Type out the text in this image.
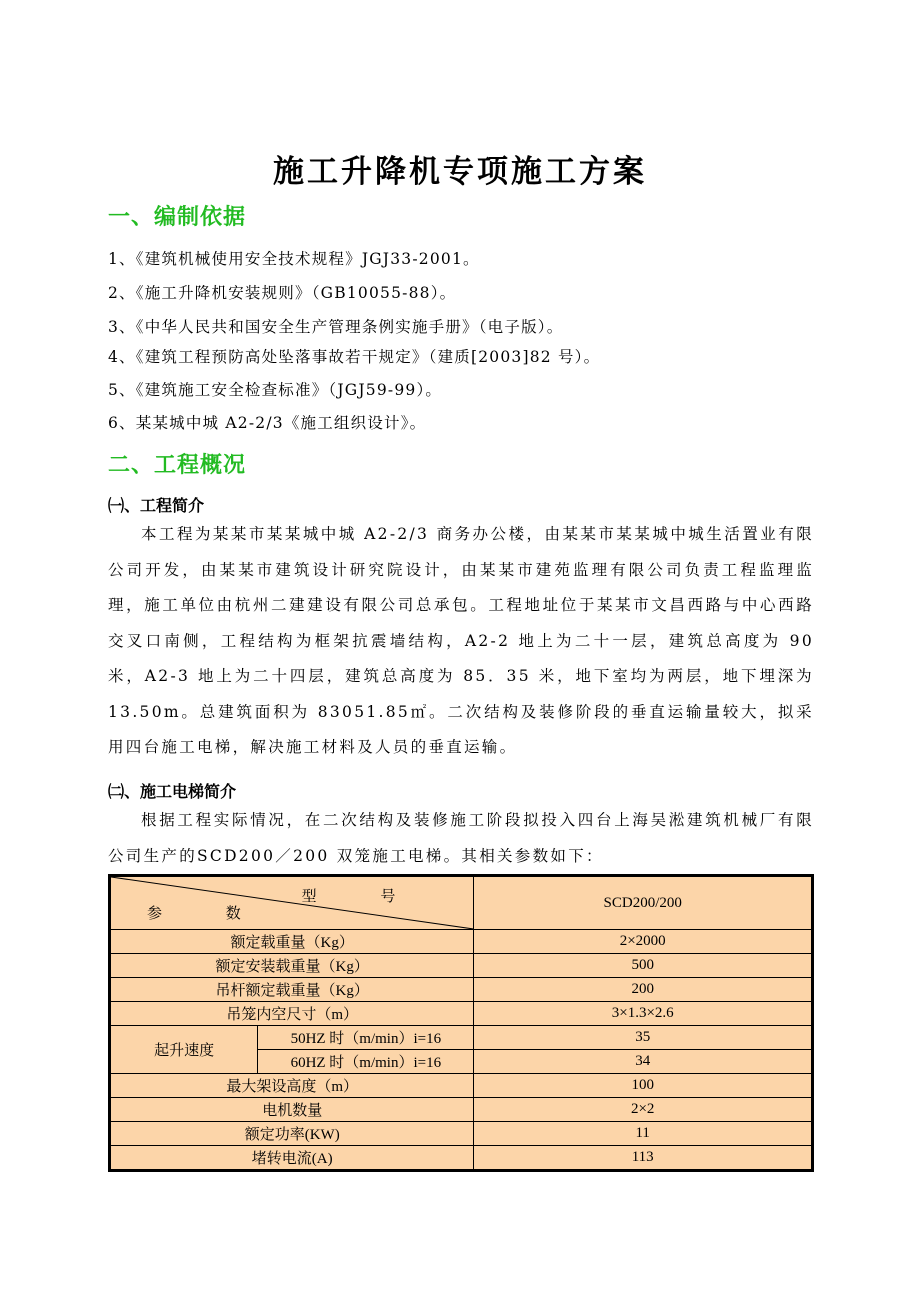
施工升降机专项施工方案
一、编制依据
1、《建筑机械使用安全技术规程》JGJ33-2001。
2、《施工升降机安装规则》（GB10055-88）。
3、《中华人民共和国安全生产管理条例实施手册》（电子版）。
4、《建筑工程预防高处坠落事故若干规定》（建质[2003]82 号）。
5、《建筑施工安全检查标准》（JGJ59-99）。
6、某某城中城 A2-2/3《施工组织设计》。
二、工程概况
㈠、工程简介

本工程为某某市某某城中城 A2-2/3 商务办公楼，由某某市某某城中城生活置业有限公司开发，由某某市建筑设计研究院设计，由某某市建苑监理有限公司负责工程监理监理，施工单位由杭州二建建设有限公司总承包。工程地址位于某某市文昌西路与中心西路交叉口南侧，工程结构为框架抗震墙结构，A2-2 地上为二十一层，建筑总高度为 90 米，A2-3 地上为二十四层，建筑总高度为 85．35 米，地下室均为两层，地下埋深为 13.50m。总建筑面积为 83051.85㎡。二次结构及装修阶段的垂直运输量较大，拟采用四台施工电梯，解决施工材料及人员的垂直运输。

㈡、施工电梯简介

根据工程实际情况，在二次结构及装修施工阶段拟投入四台上海吴淞建筑机械厂有限公司生产的SCD200／200 双笼施工电梯。其相关参数如下：

型 号
参 数		SCD200/200
额定载重量（Kg）		2×2000
额定安装载重量（Kg）		500
吊杆额定载重量（Kg）		200
吊笼内空尺寸（m）		3×1.3×2.6
起升速度	50HZ 时（m/min）i=16	35
	60HZ 时（m/min）i=16	34
最大架设高度（m）		100
电机数量		2×2
额定功率(KW)		11
堵转电流(A)		113
